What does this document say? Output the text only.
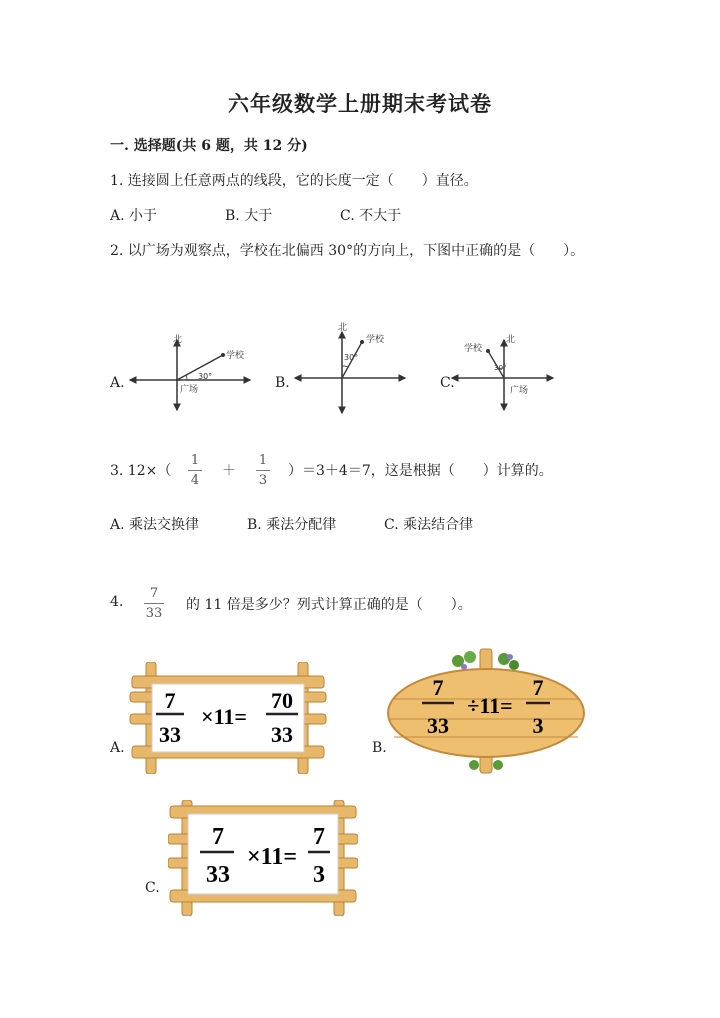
六年级数学上册期末考试卷
一. 选择题(共 6 题，共 12 分)
1. 连接圆上任意两点的线段，它的长度一定（　　）直径。
A. 小于	B. 大于	C. 不大于
2. 以广场为观察点，学校在北偏西 30°的方向上，下图中正确的是（　　）。
A.	B.	C.
北
学校
广场
30°
北
学校
30°
北
学校
广场
30°
3. 12×（
1
4
＋
1
3
）＝3＋4＝7，这是根据（　　）计算的。
A. 乘法交换律	B. 乘法分配律	C. 乘法结合律
4.
7
33
的 11 倍是多少？列式计算正确的是（　　）。
A.	B.
C.
7
33
×11=
70
33
7
33
÷11=
7
3
7
33
×11=
7
3
